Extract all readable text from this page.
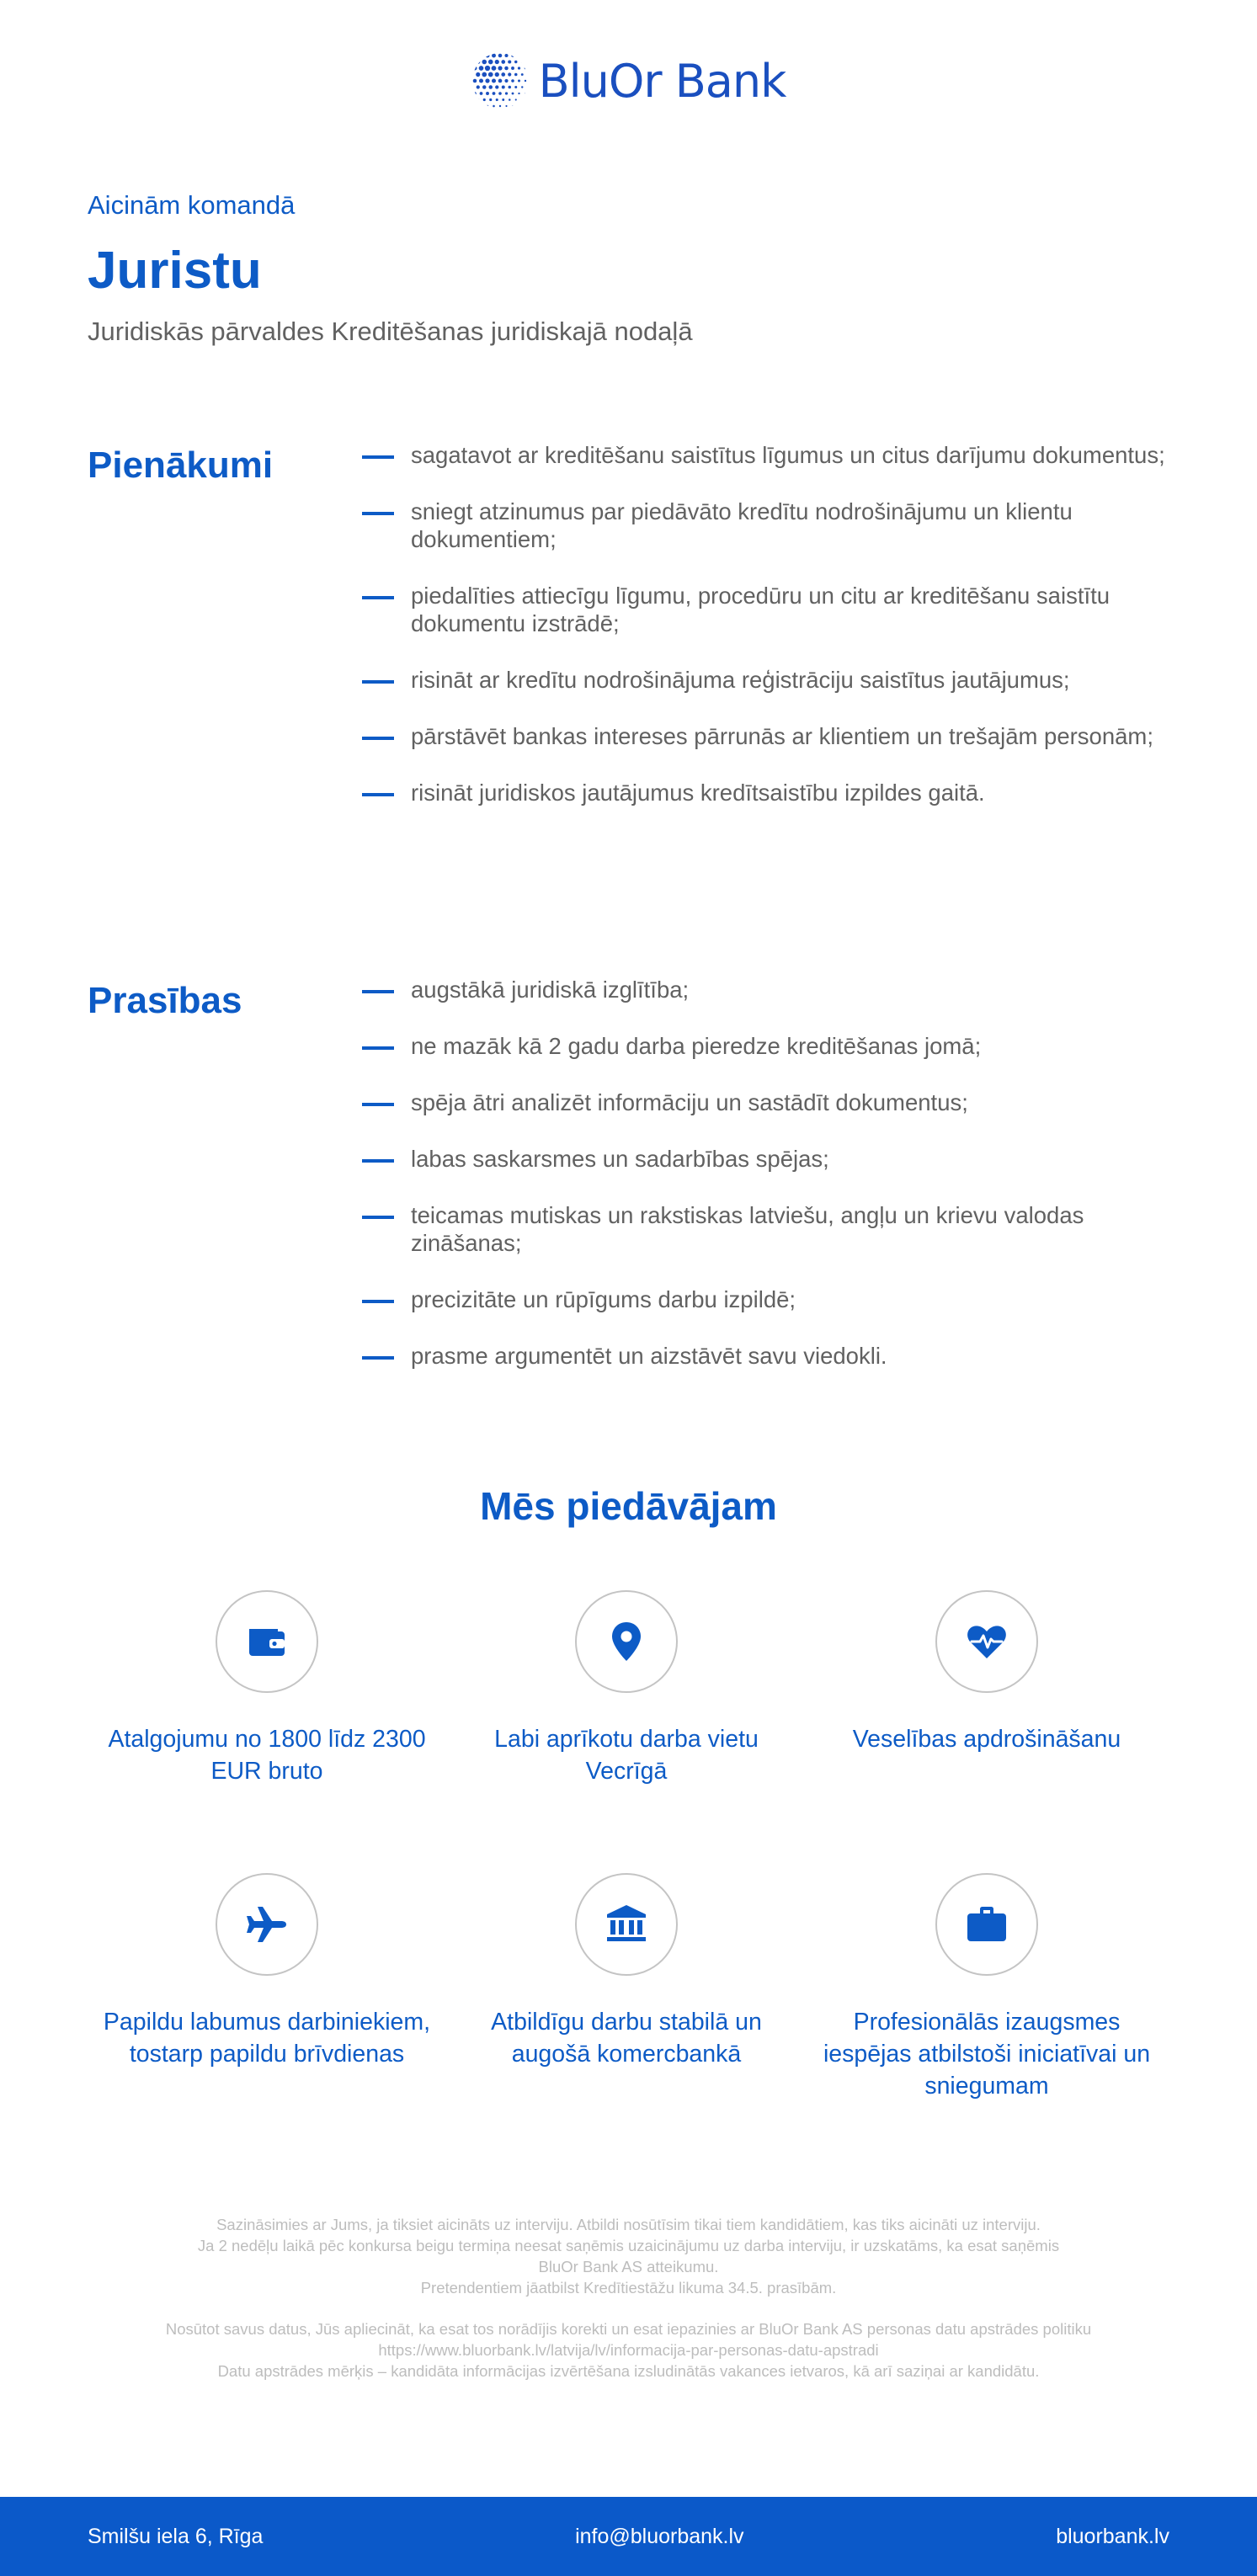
BluOr Bank
Aicinām komandā
Juristu
Juridiskās pārvaldes Kreditēšanas juridiskajā nodaļā
Pienākumi	sagatavot ar kreditēšanu saistītus līgumus un citus darījumu dokumentus;
sniegt atzinumus par piedāvāto kredītu nodrošinājumu un klientu dokumentiem;
piedalīties attiecīgu līgumu, procedūru un citu ar kreditēšanu saistītu dokumentu izstrādē;
risināt ar kredītu nodrošinājuma reģistrāciju saistītus jautājumus;
pārstāvēt bankas intereses pārrunās ar klientiem un trešajām personām;
risināt juridiskos jautājumus kredītsaistību izpildes gaitā.
Prasības	augstākā juridiskā izglītība;
ne mazāk kā 2 gadu darba pieredze kreditēšanas jomā;
spēja ātri analizēt informāciju un sastādīt dokumentus;
labas saskarsmes un sadarbības spējas;
teicamas mutiskas un rakstiskas latviešu, angļu un krievu valodas zināšanas;
precizitāte un rūpīgums darbu izpildē;
prasme argumentēt un aizstāvēt savu viedokli.
Mēs piedāvājam
Atalgojumu no 1800 līdz 2300 EUR bruto
Labi aprīkotu darba vietu Vecrīgā
Veselības apdrošināšanu
Papildu labumus darbiniekiem, tostarp papildu brīvdienas
Atbildīgu darbu stabilā un augošā komercbankā
Profesionālās izaugsmes iespējas atbilstoši iniciatīvai un sniegumam
Sazināsimies ar Jums, ja tiksiet aicināts uz interviju. Atbildi nosūtīsim tikai tiem kandidātiem, kas tiks aicināti uz interviju.
Ja 2 nedēļu laikā pēc konkursa beigu termiņa neesat saņēmis uzaicinājumu uz darba interviju, ir uzskatāms, ka esat saņēmis
BluOr Bank AS atteikumu.
Pretendentiem jāatbilst Kredītiestāžu likuma 34.5. prasībām.
Nosūtot savus datus, Jūs apliecināt, ka esat tos norādījis korekti un esat iepazinies ar BluOr Bank AS personas datu apstrādes politiku
https://www.bluorbank.lv/latvija/lv/informacija-par-personas-datu-apstradi
Datu apstrādes mērķis – kandidāta informācijas izvērtēšana izsludinātās vakances ietvaros, kā arī saziņai ar kandidātu.
Smilšu iela 6, Rīga	info@bluorbank.lv	bluorbank.lv
